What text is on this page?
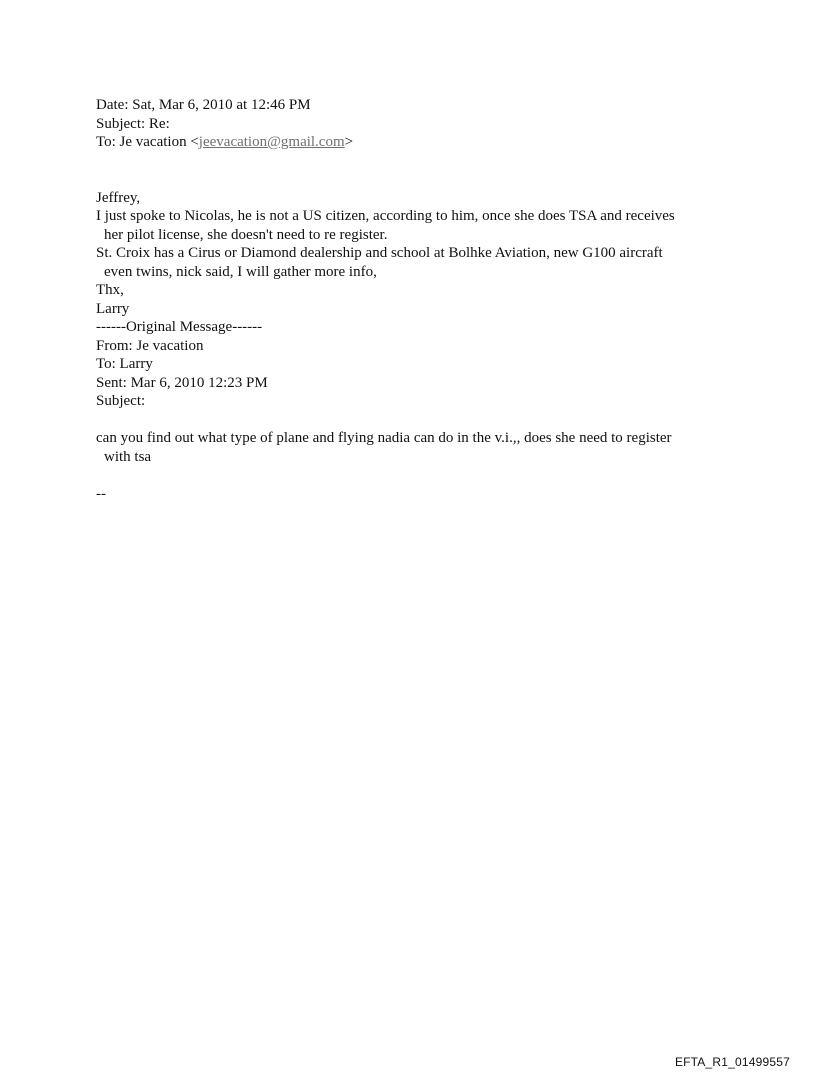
Date: Sat, Mar 6, 2010 at 12:46 PM
Subject: Re:
To: Je vacation <jeevacation@gmail.com>
Jeffrey,
I just spoke to Nicolas, he is not a US citizen, according to him, once she does TSA and receives
her pilot license, she doesn't need to re register.
St. Croix has a Cirus or Diamond dealership and school at Bolhke Aviation, new G100 aircraft
even twins, nick said, I will gather more info,
Thx,
Larry
------Original Message------
From: Je vacation
To: Larry
Sent: Mar 6, 2010 12:23 PM
Subject:
can you find out what type of plane and flying nadia can do in the v.i.,, does she need to register
with tsa
--
EFTA_R1_01499557
